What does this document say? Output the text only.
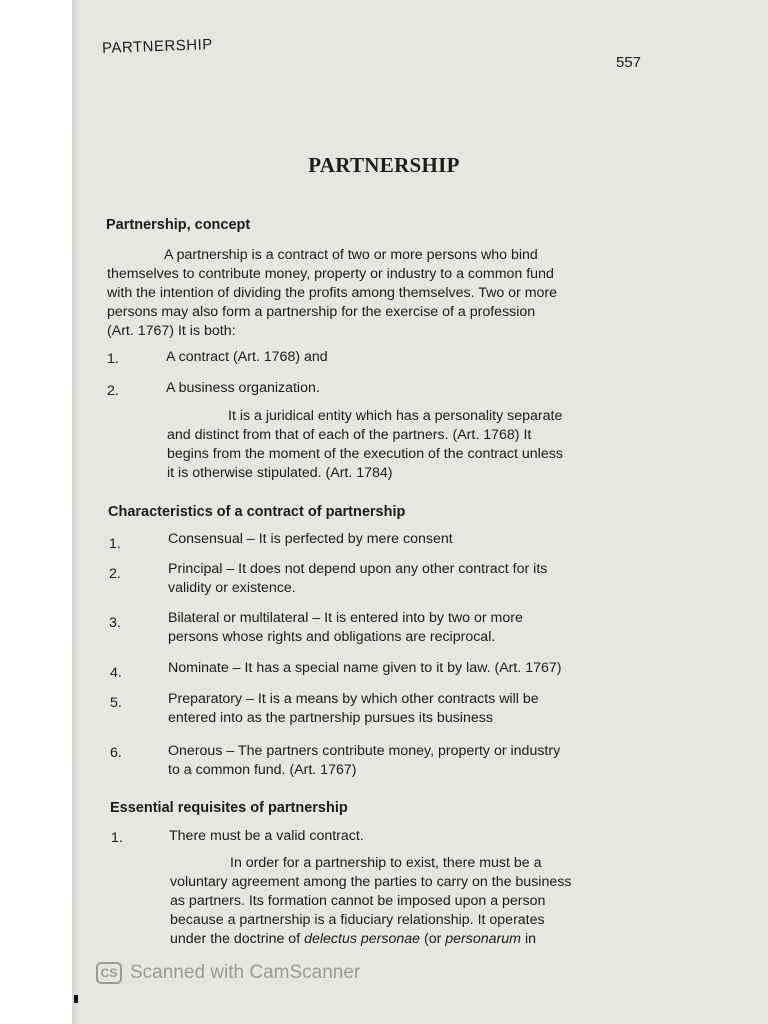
PARTNERSHIP
557
PARTNERSHIP
Partnership, concept
A partnership is a contract of two or more persons who bind
themselves to contribute money, property or industry to a common fund
with the intention of dividing the profits among themselves. Two or more
persons may also form a partnership for the exercise of a profession
(Art. 1767) It is both:
1.	A contract (Art. 1768) and
2.	A business organization.
It is a juridical entity which has a personality separate
and distinct from that of each of the partners. (Art. 1768) It
begins from the moment of the execution of the contract unless
it is otherwise stipulated. (Art. 1784)
Characteristics of a contract of partnership
1.	Consensual – It is perfected by mere consent
2.	Principal – It does not depend upon any other contract for its
validity or existence.
3.	Bilateral or multilateral – It is entered into by two or more
persons whose rights and obligations are reciprocal.
4.	Nominate – It has a special name given to it by law. (Art. 1767)
5.	Preparatory – It is a means by which other contracts will be
entered into as the partnership pursues its business
6.	Onerous – The partners contribute money, property or industry
to a common fund. (Art. 1767)
Essential requisites of partnership
1.	There must be a valid contract.
In order for a partnership to exist, there must be a
voluntary agreement among the parties to carry on the business
as partners. Its formation cannot be imposed upon a person
because a partnership is a fiduciary relationship. It operates
under the doctrine of delectus personae (or personarum in
CS Scanned with CamScanner
